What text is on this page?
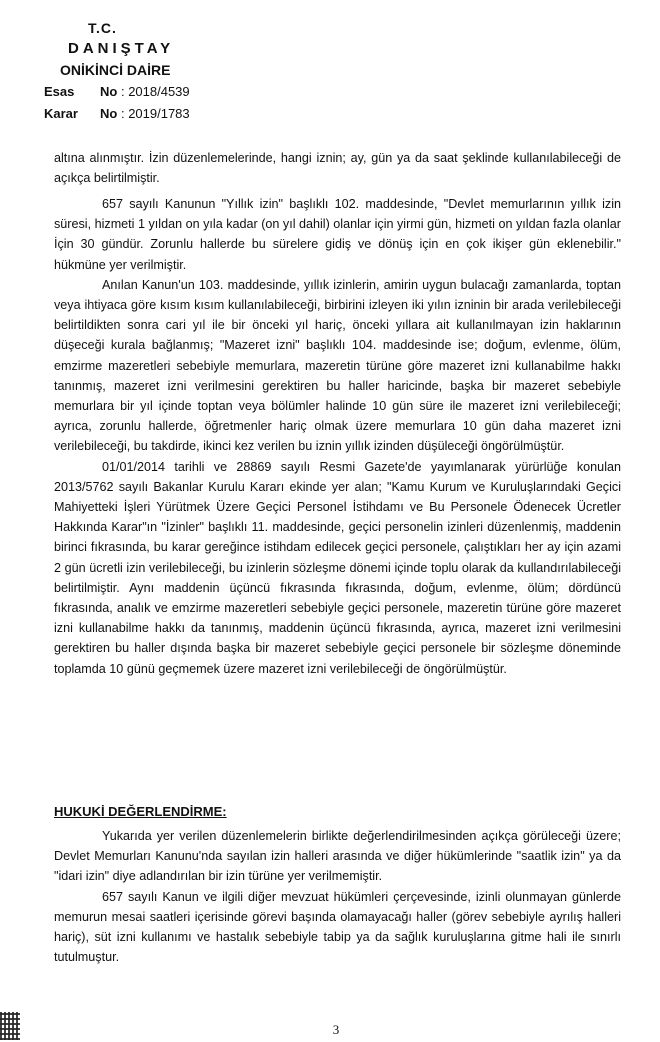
T.C.
DANIŞTAY
ONİKİNCİ DAİRE
Esas No : 2018/4539
Karar No : 2019/1783

altına alınmıştır. İzin düzenlemelerinde, hangi iznin; ay, gün ya da saat şeklinde kullanılabileceği de açıkça belirtilmiştir.

657 sayılı Kanunun "Yıllık izin" başlıklı 102. maddesinde, "Devlet memurlarının yıllık izin süresi, hizmeti 1 yıldan on yıla kadar (on yıl dahil) olanlar için yirmi gün, hizmeti on yıldan fazla olanlar İçin 30 gündür. Zorunlu hallerde bu sürelere gidiş ve dönüş için en çok ikişer gün eklenebilir." hükmüne yer verilmiştir.

Anılan Kanun'un 103. maddesinde, yıllık izinlerin, amirin uygun bulacağı zamanlarda, toptan veya ihtiyaca göre kısım kısım kullanılabileceği, birbirini izleyen iki yılın izninin bir arada verilebileceği belirtildikten sonra cari yıl ile bir önceki yıl hariç, önceki yıllara ait kullanılmayan izin haklarının düşeceği kurala bağlanmış; "Mazeret izni" başlıklı 104. maddesinde ise; doğum, evlenme, ölüm, emzirme mazeretleri sebebiyle memurlara, mazeretin türüne göre mazeret izni kullanabilme hakkı tanınmış, mazeret izni verilmesini gerektiren bu haller haricinde, başka bir mazeret sebebiyle memurlara bir yıl içinde toptan veya bölümler halinde 10 gün süre ile mazeret izni verilebileceği; ayrıca, zorunlu hallerde, öğretmenler hariç olmak üzere memurlara 10 gün daha mazeret izni verilebileceği, bu takdirde, ikinci kez verilen bu iznin yıllık izinden düşüleceği öngörülmüştür.

01/01/2014 tarihli ve 28869 sayılı Resmi Gazete'de yayımlanarak yürürlüğe konulan 2013/5762 sayılı Bakanlar Kurulu Kararı ekinde yer alan; "Kamu Kurum ve Kuruluşlarındaki Geçici Mahiyetteki İşleri Yürütmek Üzere Geçici Personel İstihdamı ve Bu Personele Ödenecek Ücretler Hakkında Karar"ın "İzinler" başlıklı 11. maddesinde, geçici personelin izinleri düzenlenmiş, maddenin birinci fıkrasında, bu karar gereğince istihdam edilecek geçici personele, çalıştıkları her ay için azami 2 gün ücretli izin verilebileceği, bu izinlerin sözleşme dönemi içinde toplu olarak da kullandırılabileceği belirtilmiştir. Aynı maddenin üçüncü fıkrasında fıkrasında, doğum, evlenme, ölüm; dördüncü fıkrasında, analık ve emzirme mazeretleri sebebiyle geçici personele, mazeretin türüne göre mazeret izni kullanabilme hakkı da tanınmış, maddenin üçüncü fıkrasında, ayrıca, mazeret izni verilmesini gerektiren bu haller dışında başka bir mazeret sebebiyle geçici personele bir sözleşme döneminde toplamda 10 günü geçmemek üzere mazeret izni verilebileceği de öngörülmüştür.

HUKUKİ DEĞERLENDİRME:

Yukarıda yer verilen düzenlemelerin birlikte değerlendirilmesinden açıkça görüleceği üzere; Devlet Memurları Kanunu'nda sayılan izin halleri arasında ve diğer hükümlerinde "saatlik izin" ya da "idari izin" diye adlandırılan bir izin türüne yer verilmemiştir.

657 sayılı Kanun ve ilgili diğer mevzuat hükümleri çerçevesinde, izinli olunmayan günlerde memurun mesai saatleri içerisinde görevi başında olamayacağı haller (görev sebebiyle ayrılış halleri hariç), süt izni kullanımı ve hastalık sebebiyle tabip ya da sağlık kuruluşlarına gitme hali ile sınırlı tutulmuştur.

3
